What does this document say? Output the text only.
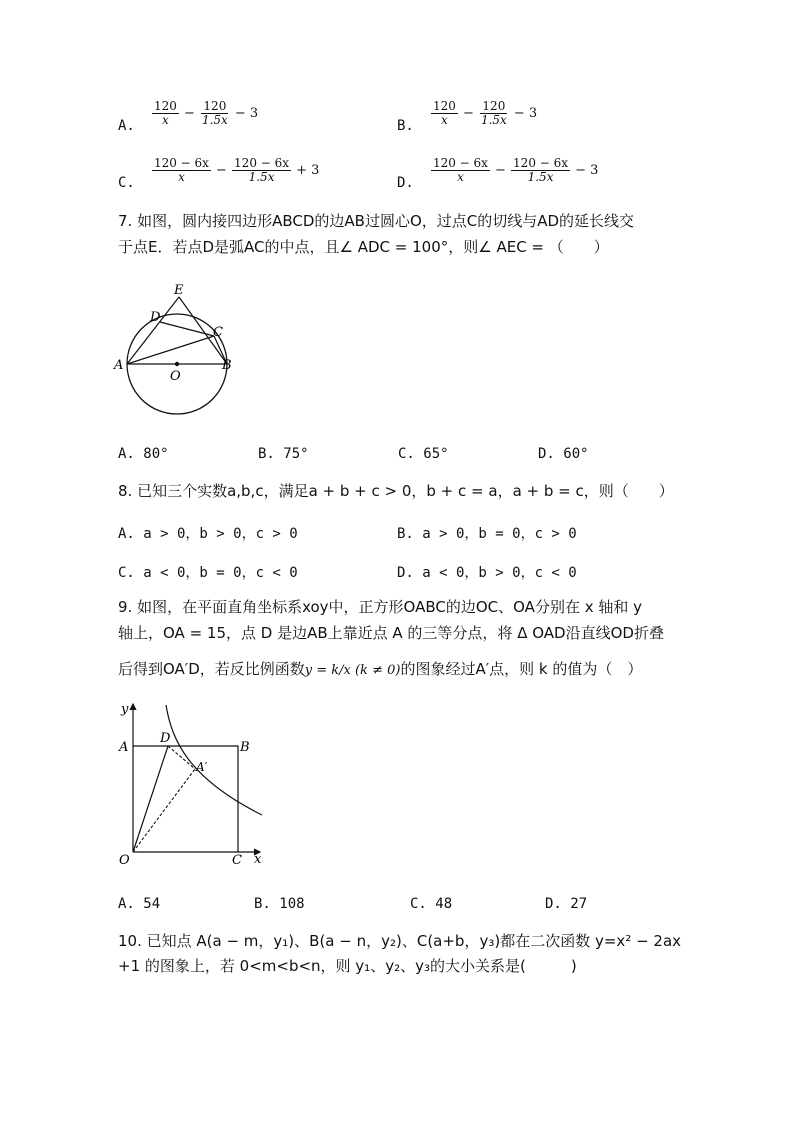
A. $\frac{120}{x} - \frac{120}{1.5x} - 3$
B. $\frac{120}{x} - \frac{120}{1.5x} - 3$
C. $\frac{120 - 6x}{x} - \frac{120 - 6x}{1.5x} + 3$
D. $\frac{120 - 6x}{x} - \frac{120 - 6x}{1.5x} - 3$
7. 如图，圆内接四边形ABCD的边AB过圆心O，过点C的切线与AD的延长线交
于点E．若点D是弧AC的中点，且∠ ADC = 100°，则∠ AEC = （　　）
E
D
C
A
O
B
A. 80°	B. 75°	C. 65°	D. 60°
8. 已知三个实数a,b,c，满足a + b + c > 0，b + c = a，a + b = c，则（　　）
A. a > 0，b > 0，c > 0	B. a > 0，b = 0，c > 0
C. a < 0，b = 0，c < 0	D. a < 0，b > 0，c < 0
9. 如图，在平面直角坐标系xoy中，正方形OABC的边OC、OA分别在 x 轴和 y
轴上，OA = 15，点 D 是边AB上靠近点 A 的三等分点，将 Δ OAD沿直线OD折叠
后得到OA′D，若反比例函数y = k/x (k ≠ 0)的图象经过A′点，则 k 的值为（　）
y
A
D
B
A′
O	C x
A. 54	B. 108	C. 48	D. 27
10. 已知点 A(a − m，y₁)、B(a − n，y₂)、C(a+b，y₃)都在二次函数 y=x² − 2ax
+1 的图象上，若 0<m<b<n，则 y₁、y₂、y₃的大小关系是(　　　)
